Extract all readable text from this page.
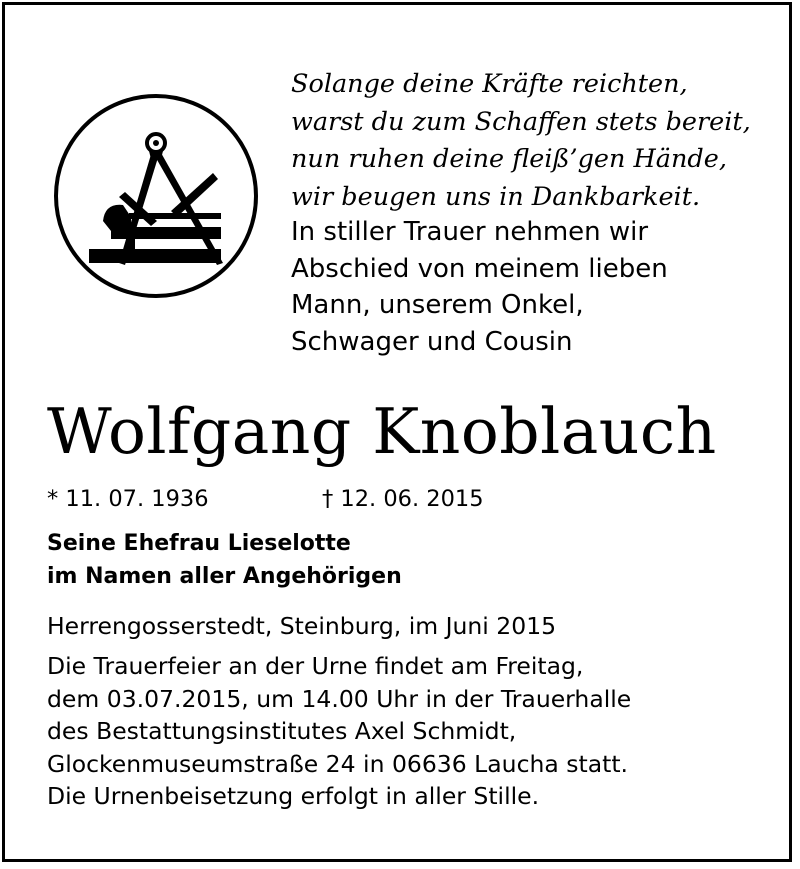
Solange deine Kräfte reichten,
warst du zum Schaffen stets bereit,
nun ruhen deine fleiß’gen Hände,
wir beugen uns in Dankbarkeit.
In stiller Trauer nehmen wir
Abschied von meinem lieben
Mann, unserem Onkel,
Schwager und Cousin
Wolfgang Knoblauch
* 11. 07. 1936	† 12. 06. 2015
Seine Ehefrau Lieselotte
im Namen aller Angehörigen
Herrengosserstedt, Steinburg, im Juni 2015
Die Trauerfeier an der Urne findet am Freitag,
dem 03.07.2015, um 14.00 Uhr in der Trauerhalle
des Bestattungsinstitutes Axel Schmidt,
Glockenmuseumstraße 24 in 06636 Laucha statt.
Die Urnenbeisetzung erfolgt in aller Stille.
